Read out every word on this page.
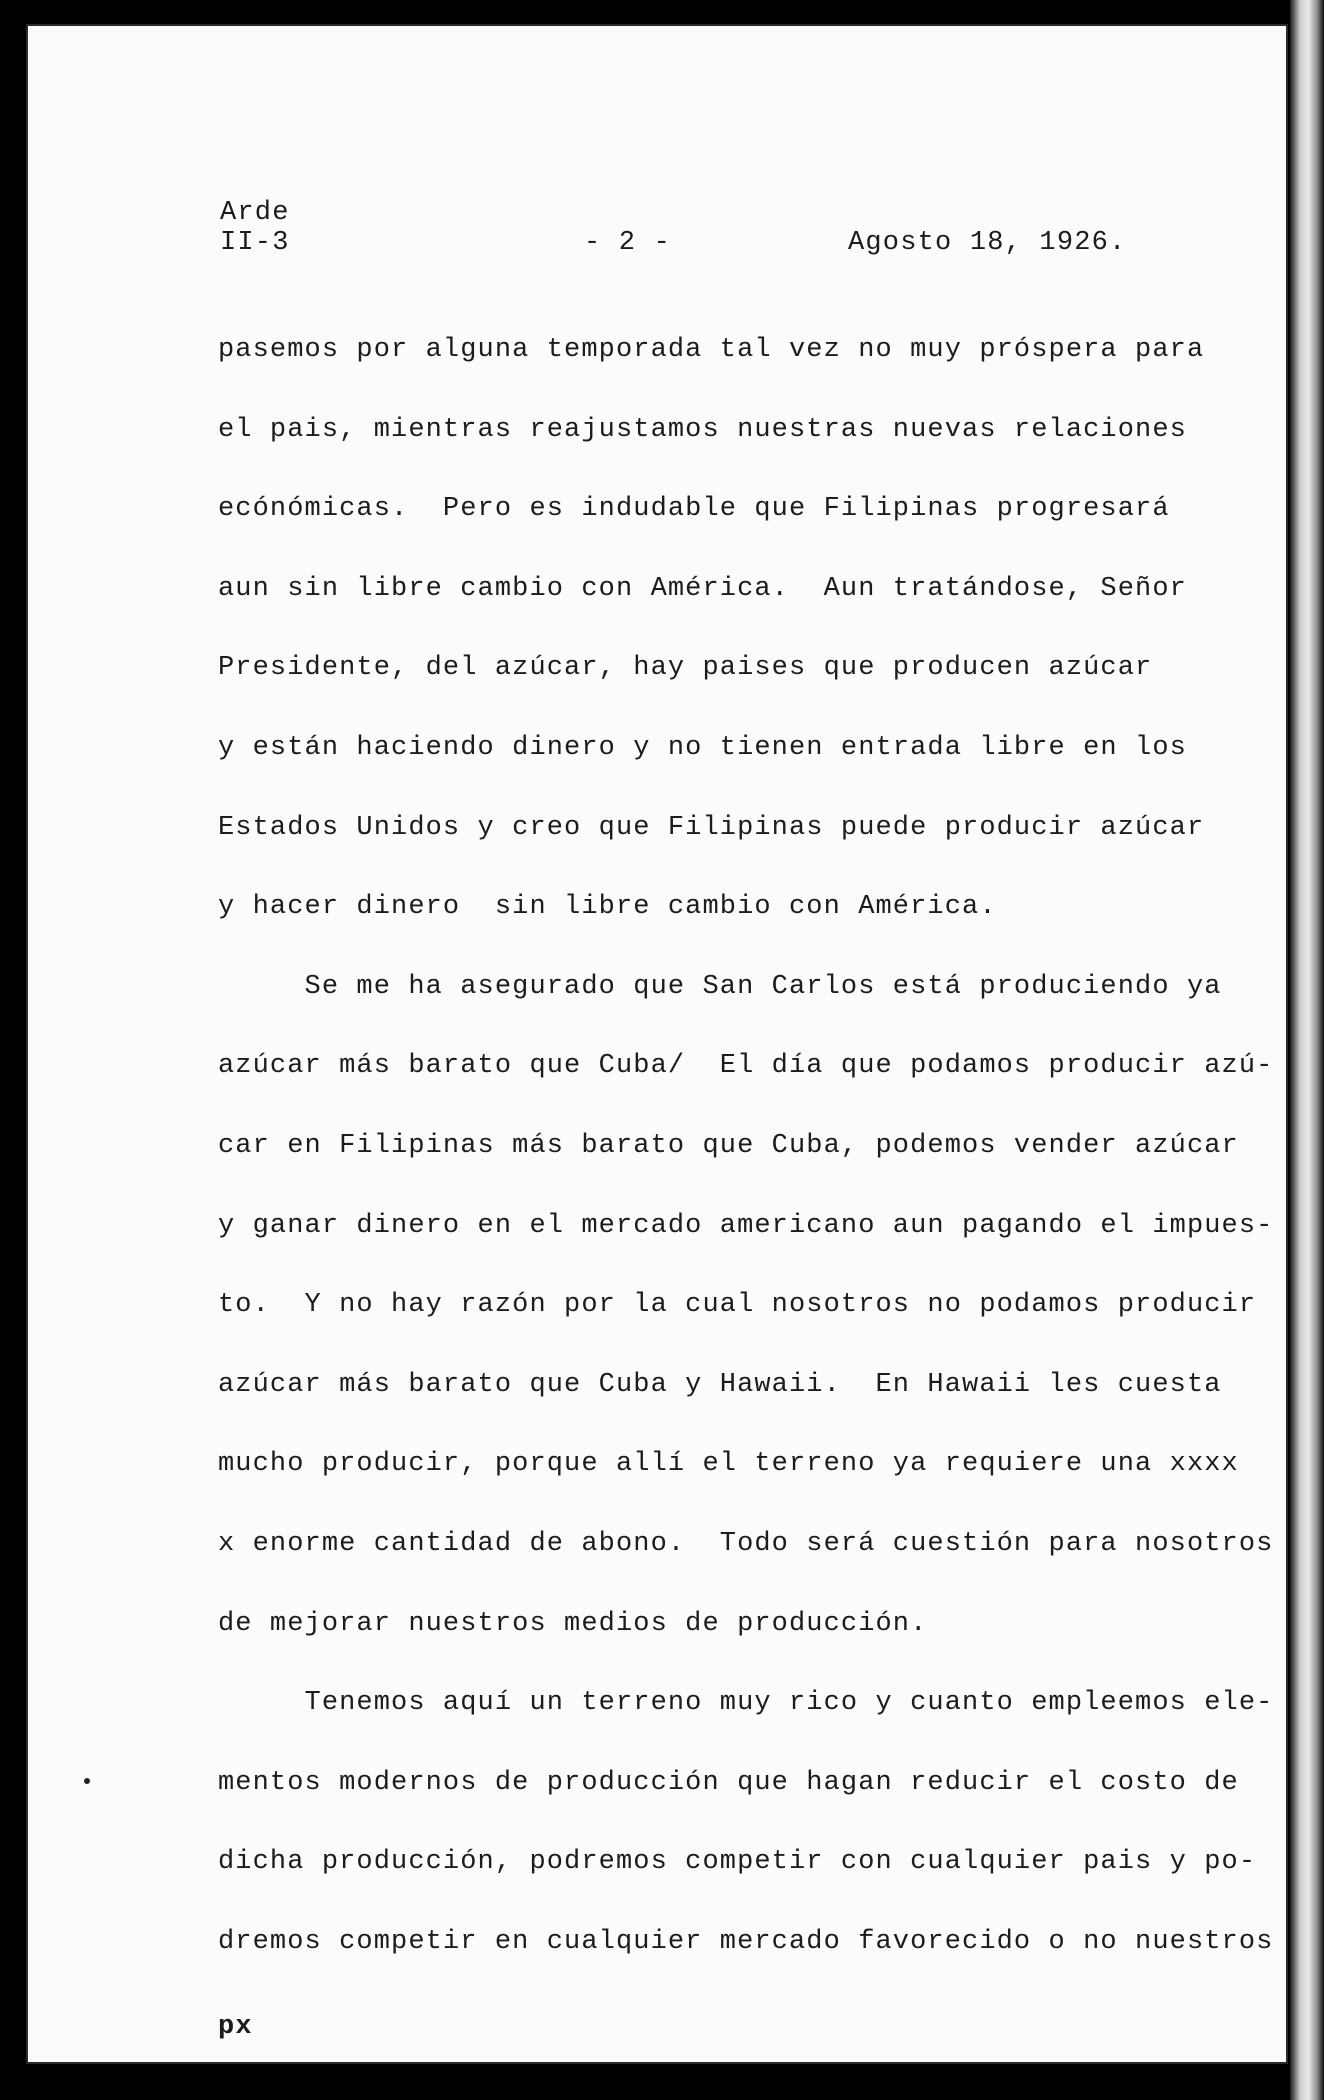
Arde
II-3	- 2 -	Agosto 18, 1926.
pasemos por alguna temporada tal vez no muy próspera para
el pais, mientras reajustamos nuestras nuevas relaciones
ecónómicas.  Pero es indudable que Filipinas progresará
aun sin libre cambio con América.  Aun tratándose, Señor
Presidente, del azúcar, hay paises que producen azúcar
y están haciendo dinero y no tienen entrada libre en los
Estados Unidos y creo que Filipinas puede producir azúcar
y hacer dinero  sin libre cambio con América.
Se me ha asegurado que San Carlos está produciendo ya
azúcar más barato que Cuba/  El día que podamos producir azú-
car en Filipinas más barato que Cuba, podemos vender azúcar
y ganar dinero en el mercado americano aun pagando el impues-
to.  Y no hay razón por la cual nosotros no podamos producir
azúcar más barato que Cuba y Hawaii.  En Hawaii les cuesta
mucho producir, porque allí el terreno ya requiere una xxxx
x enorme cantidad de abono.  Todo será cuestión para nosotros
de mejorar nuestros medios de producción.
Tenemos aquí un terreno muy rico y cuanto empleemos ele-
mentos modernos de producción que hagan reducir el costo de
dicha producción, podremos competir con cualquier pais y po-
dremos competir en cualquier mercado favorecido o no nuestros
px
